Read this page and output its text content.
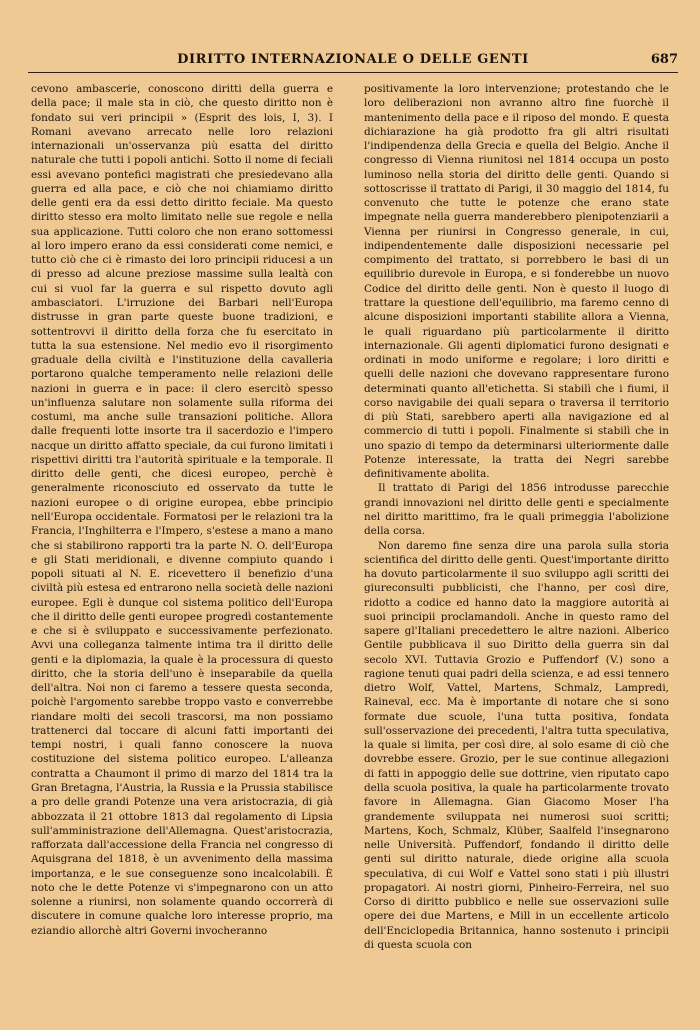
DIRITTO INTERNAZIONALE O DELLE GENTI	687

cevono ambascerie, conoscono diritti della guerra e della pace; il male sta in ciò, che questo diritto non è fondato sui veri principii » (Esprit des lois, I, 3). I Romani avevano arrecato nelle loro relazioni internazionali un'osservanza più esatta del diritto naturale che tutti i popoli antichi. Sotto il nome di feciali essi avevano pontefici magistrati che presiedevano alla guerra ed alla pace, e ciò che noi chiamiamo diritto delle genti era da essi detto diritto feciale. Ma questo diritto stesso era molto limitato nelle sue regole e nella sua applicazione. Tutti coloro che non erano sottomessi al loro impero erano da essi considerati come nemici, e tutto ciò che ci è rimasto dei loro principii riducesi a un di presso ad alcune preziose massime sulla lealtà con cui si vuol far la guerra e sul rispetto dovuto agli ambasciatori. L'irruzione dei Barbari nell'Europa distrusse in gran parte queste buone tradizioni, e sottentrovvi il diritto della forza che fu esercitato in tutta la sua estensione. Nel medio evo il risorgimento graduale della civiltà e l'instituzione della cavalleria portarono qualche temperamento nelle relazioni delle nazioni in guerra e in pace: il clero esercitò spesso un'influenza salutare non solamente sulla riforma dei costumi, ma anche sulle transazioni politiche. Allora dalle frequenti lotte insorte tra il sacerdozio e l'impero nacque un diritto affatto speciale, da cui furono limitati i rispettivi diritti tra l'autorità spirituale e la temporale. Il diritto delle genti, che dicesi europeo, perchè è generalmente riconosciuto ed osservato da tutte le nazioni europee o di origine europea, ebbe principio nell'Europa occidentale. Formatosi per le relazioni tra la Francia, l'Inghilterra e l'Impero, s'estese a mano a mano che si stabilirono rapporti tra la parte N. O. dell'Europa e gli Stati meridionali, e divenne compiuto quando i popoli situati al N. E. ricevettero il benefizio d'una civiltà più estesa ed entrarono nella società delle nazioni europee. Egli è dunque col sistema politico dell'Europa che il diritto delle genti europee progredì costantemente e che si è sviluppato e successivamente perfezionato. Avvi una colleganza talmente intima tra il diritto delle genti e la diplomazia, la quale è la processura di questo diritto, che la storia dell'uno è inseparabile da quella dell'altra. Noi non ci faremo a tessere questa seconda, poichè l'argomento sarebbe troppo vasto e converrebbe riandare molti dei secoli trascorsi, ma non possiamo trattenerci dal toccare di alcuni fatti importanti dei tempi nostri, i quali fanno conoscere la nuova costituzione del sistema politico europeo. L'alleanza contratta a Chaumont il primo di marzo del 1814 tra la Gran Bretagna, l'Austria, la Russia e la Prussia stabilisce a pro delle grandi Potenze una vera aristocrazia, di già abbozzata il 21 ottobre 1813 dal regolamento di Lipsia sull'amministrazione dell'Allemagna. Quest'aristocrazia, rafforzata dall'accessione della Francia nel congresso di Aquisgrana del 1818, è un avvenimento della massima importanza, e le sue conseguenze sono incalcolabili. È noto che le dette Potenze vi s'impegnarono con un atto solenne a riunirsi, non solamente quando occorrerà di discutere in comune qualche loro interesse proprio, ma eziandio allorchè altri Governi invocheranno

positivamente la loro intervenzione; protestando che le loro deliberazioni non avranno altro fine fuorchè il mantenimento della pace e il riposo del mondo. E questa dichiarazione ha già prodotto fra gli altri risultati l'indipendenza della Grecia e quella del Belgio. Anche il congresso di Vienna riunitosi nel 1814 occupa un posto luminoso nella storia del diritto delle genti. Quando si sottoscrisse il trattato di Parigi, il 30 maggio del 1814, fu convenuto che tutte le potenze che erano state impegnate nella guerra manderebbero plenipotenziarii a Vienna per riunirsi in Congresso generale, in cui, indipendentemente dalle disposizioni necessarie pel compimento del trattato, si porrebbero le basi di un equilibrio durevole in Europa, e si fonderebbe un nuovo Codice del diritto delle genti. Non è questo il luogo di trattare la questione dell'equilibrio, ma faremo cenno di alcune disposizioni importanti stabilite allora a Vienna, le quali riguardano più particolarmente il diritto internazionale. Gli agenti diplomatici furono designati e ordinati in modo uniforme e regolare; i loro diritti e quelli delle nazioni che dovevano rappresentare furono determinati quanto all'etichetta. Si stabilì che i fiumi, il corso navigabile dei quali separa o traversa il territorio di più Stati, sarebbero aperti alla navigazione ed al commercio di tutti i popoli. Finalmente si stabilì che in uno spazio di tempo da determinarsi ulteriormente dalle Potenze interessate, la tratta dei Negri sarebbe definitivamente abolita.

Il trattato di Parigi del 1856 introdusse parecchie grandi innovazioni nel diritto delle genti e specialmente nel diritto marittimo, fra le quali primeggia l'abolizione della corsa.

Non daremo fine senza dire una parola sulla storia scientifica del diritto delle genti. Quest'importante diritto ha dovuto particolarmente il suo sviluppo agli scritti dei giureconsulti pubblicisti, che l'hanno, per così dire, ridotto a codice ed hanno dato la maggiore autorità ai suoi principii proclamandoli. Anche in questo ramo del sapere gl'Italiani precedettero le altre nazioni. Alberico Gentile pubblicava il suo Diritto della guerra sin dal secolo XVI. Tuttavia Grozio e Puffendorf (V.) sono a ragione tenuti quai padri della scienza, e ad essi tennero dietro Wolf, Vattel, Martens, Schmalz, Lampredi, Raineval, ecc. Ma è importante di notare che si sono formate due scuole, l'una tutta positiva, fondata sull'osservazione dei precedenti, l'altra tutta speculativa, la quale si limita, per così dire, al solo esame di ciò che dovrebbe essere. Grozio, per le sue continue allegazioni di fatti in appoggio delle sue dottrine, vien riputato capo della scuola positiva, la quale ha particolarmente trovato favore in Allemagna. Gian Giacomo Moser l'ha grandemente sviluppata nei numerosi suoi scritti; Martens, Koch, Schmalz, Klüber, Saalfeld l'insegnarono nelle Università. Puffendorf, fondando il diritto delle genti sul diritto naturale, diede origine alla scuola speculativa, di cui Wolf e Vattel sono stati i più illustri propagatori. Ai nostri giorni, Pinheiro-Ferreira, nel suo Corso di diritto pubblico e nelle sue osservazioni sulle opere dei due Martens, e Mill in un eccellente articolo dell'Enciclopedia Britannica, hanno sostenuto i principii di questa scuola con
